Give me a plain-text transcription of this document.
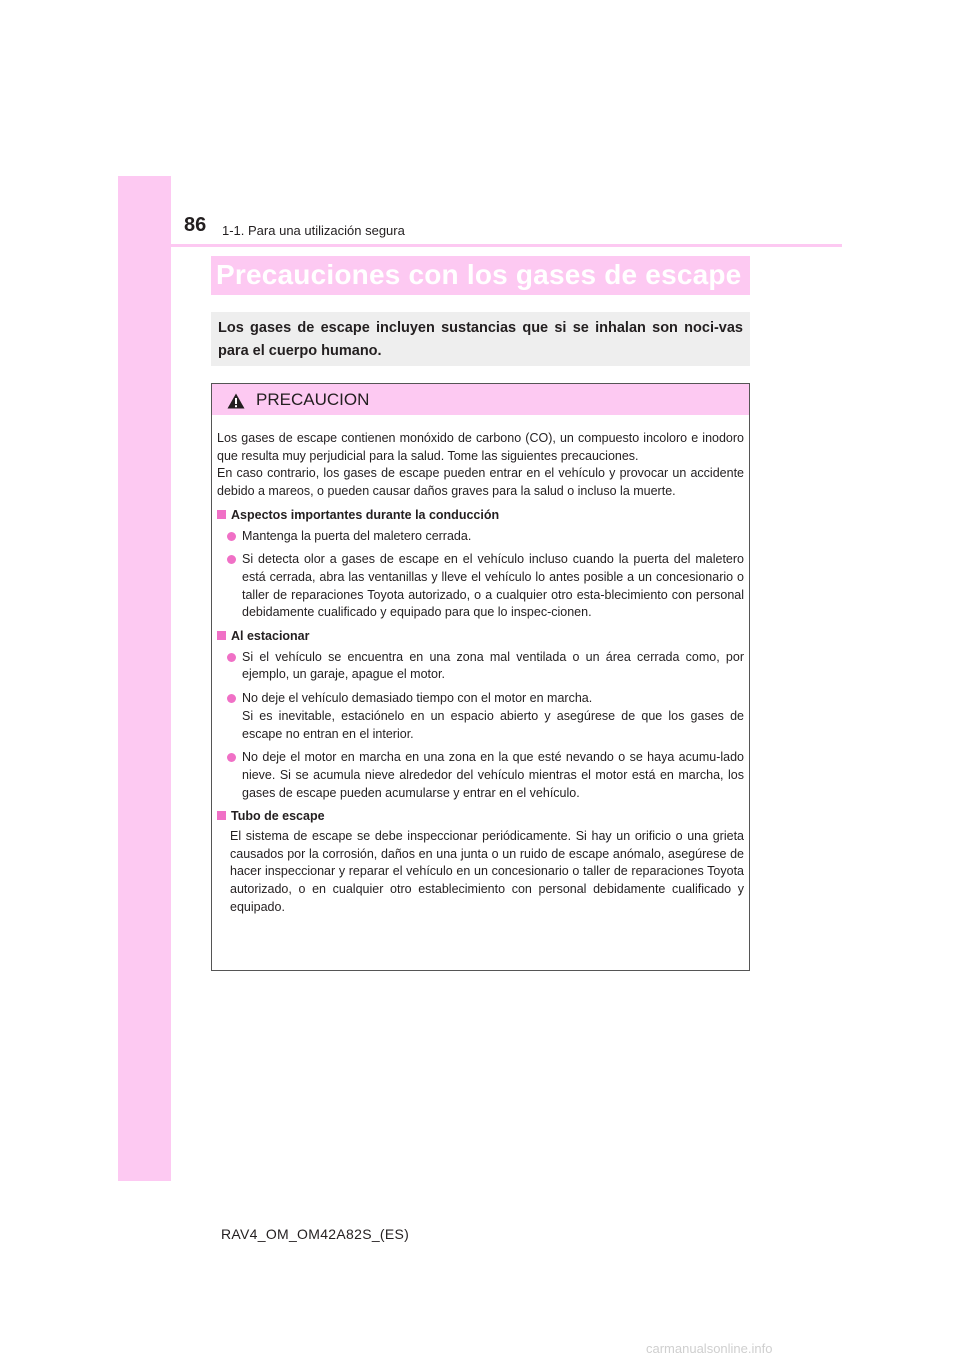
86 1-1. Para una utilización segura
Precauciones con los gases de escape
Los gases de escape incluyen sustancias que si se inhalan son noci-vas para el cuerpo humano.
PRECAUCION

Los gases de escape contienen monóxido de carbono (CO), un compuesto incoloro e inodoro que resulta muy perjudicial para la salud. Tome las siguientes precauciones.

En caso contrario, los gases de escape pueden entrar en el vehículo y provocar un accidente debido a mareos, o pueden causar daños graves para la salud o incluso la muerte.

Aspectos importantes durante la conducción
Mantenga la puerta del maletero cerrada.
Si detecta olor a gases de escape en el vehículo incluso cuando la puerta del maletero está cerrada, abra las ventanillas y lleve el vehículo lo antes posible a un concesionario o taller de reparaciones Toyota autorizado, o a cualquier otro esta-blecimiento con personal debidamente cualificado y equipado para que lo inspec-cionen.
Al estacionar
Si el vehículo se encuentra en una zona mal ventilada o un área cerrada como, por ejemplo, un garaje, apague el motor.
No deje el vehículo demasiado tiempo con el motor en marcha.
Si es inevitable, estaciónelo en un espacio abierto y asegúrese de que los gases de escape no entran en el interior.
No deje el motor en marcha en una zona en la que esté nevando o se haya acumu-lado nieve. Si se acumula nieve alrededor del vehículo mientras el motor está en marcha, los gases de escape pueden acumularse y entrar en el vehículo.
Tubo de escape
El sistema de escape se debe inspeccionar periódicamente. Si hay un orificio o una grieta causados por la corrosión, daños en una junta o un ruido de escape anómalo, asegúrese de hacer inspeccionar y reparar el vehículo en un concesionario o taller de reparaciones Toyota autorizado, o en cualquier otro establecimiento con personal debidamente cualificado y equipado.
RAV4_OM_OM42A82S_(ES)
carmanualsonline.info
